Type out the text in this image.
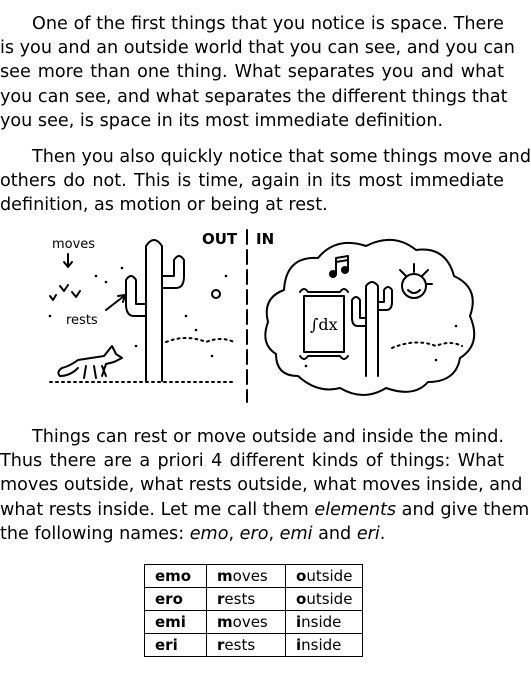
One of the first things that you notice is space. There
is you and an outside world that you can see, and you can
see more than one thing. What separates you and what
you can see, and what separates the different things that
you see, is space in its most immediate definition.
Then you also quickly notice that some things move and
others do not. This is time, again in its most immediate
definition, as motion or being at rest.
moves
rests
OUT IN
∫dx
Things can rest or move outside and inside the mind.
Thus there are a priori 4 different kinds of things: What
moves outside, what rests outside, what moves inside, and
what rests inside. Let me call them elements and give them
the following names: emo, ero, emi and eri.
emo	moves	outside
ero	rests	outside
emi	moves	inside
eri	rests	inside
